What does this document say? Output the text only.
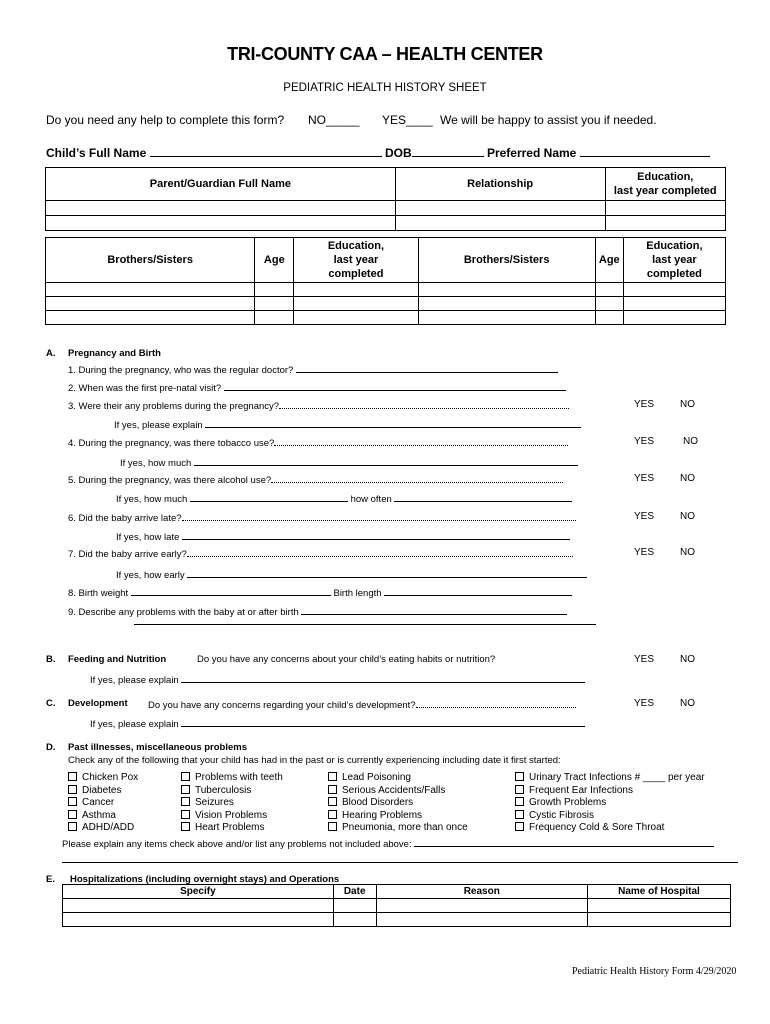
TRI-COUNTY CAA – HEALTH CENTER
PEDIATRIC HEALTH HISTORY SHEET
Do you need any help to complete this form? NO_____ YES____ We will be happy to assist you if needed.
Child’s Full Name	DOB	Preferred Name
Parent/Guardian Full Name	Relationship	Education,
last year completed

Brothers/Sisters	Age	Education,
last year
completed	Brothers/Sisters	Age	Education,
last year
completed

A. Pregnancy and Birth
1. During the pregnancy, who was the regular doctor?
2. When was the first pre-natal visit?
3. Were their any problems during the pregnancy?	YES	NO
If yes, please explain
4. During the pregnancy, was there tobacco use?	YES	NO
If yes, how much
5. During the pregnancy, was there alcohol use?	YES	NO
If yes, how much	how often
6. Did the baby arrive late?	YES	NO
If yes, how late
7. Did the baby arrive early?	YES	NO
If yes, how early
8. Birth weight	Birth length
9. Describe any problems with the baby at or after birth
B. Feeding and Nutrition	Do you have any concerns about your child’s eating habits or nutrition?	YES	NO
If yes, please explain
C. Development Do you have any concerns regarding your child’s development?	YES	NO
If yes, please explain
D. Past illnesses, miscellaneous problems
Check any of the following that your child has had in the past or is currently experiencing including date it first started:
Chicken Pox
Diabetes
Cancer
Asthma
ADHD/ADD
Problems with teeth
Tuberculosis
Seizures
Vision Problems
Heart Problems
Lead Poisoning
Serious Accidents/Falls
Blood Disorders
Hearing Problems
Pneumonia, more than once
Urinary Tract Infections # ____ per year
Frequent Ear Infections
Growth Problems
Cystic Fibrosis
Frequency Cold & Sore Throat
Please explain any items check above and/or list any problems not included above:
E. Hospitalizations (including overnight stays) and Operations
Specify	Date	Reason	Name of Hospital

Pediatric Health History Form 4/29/2020
